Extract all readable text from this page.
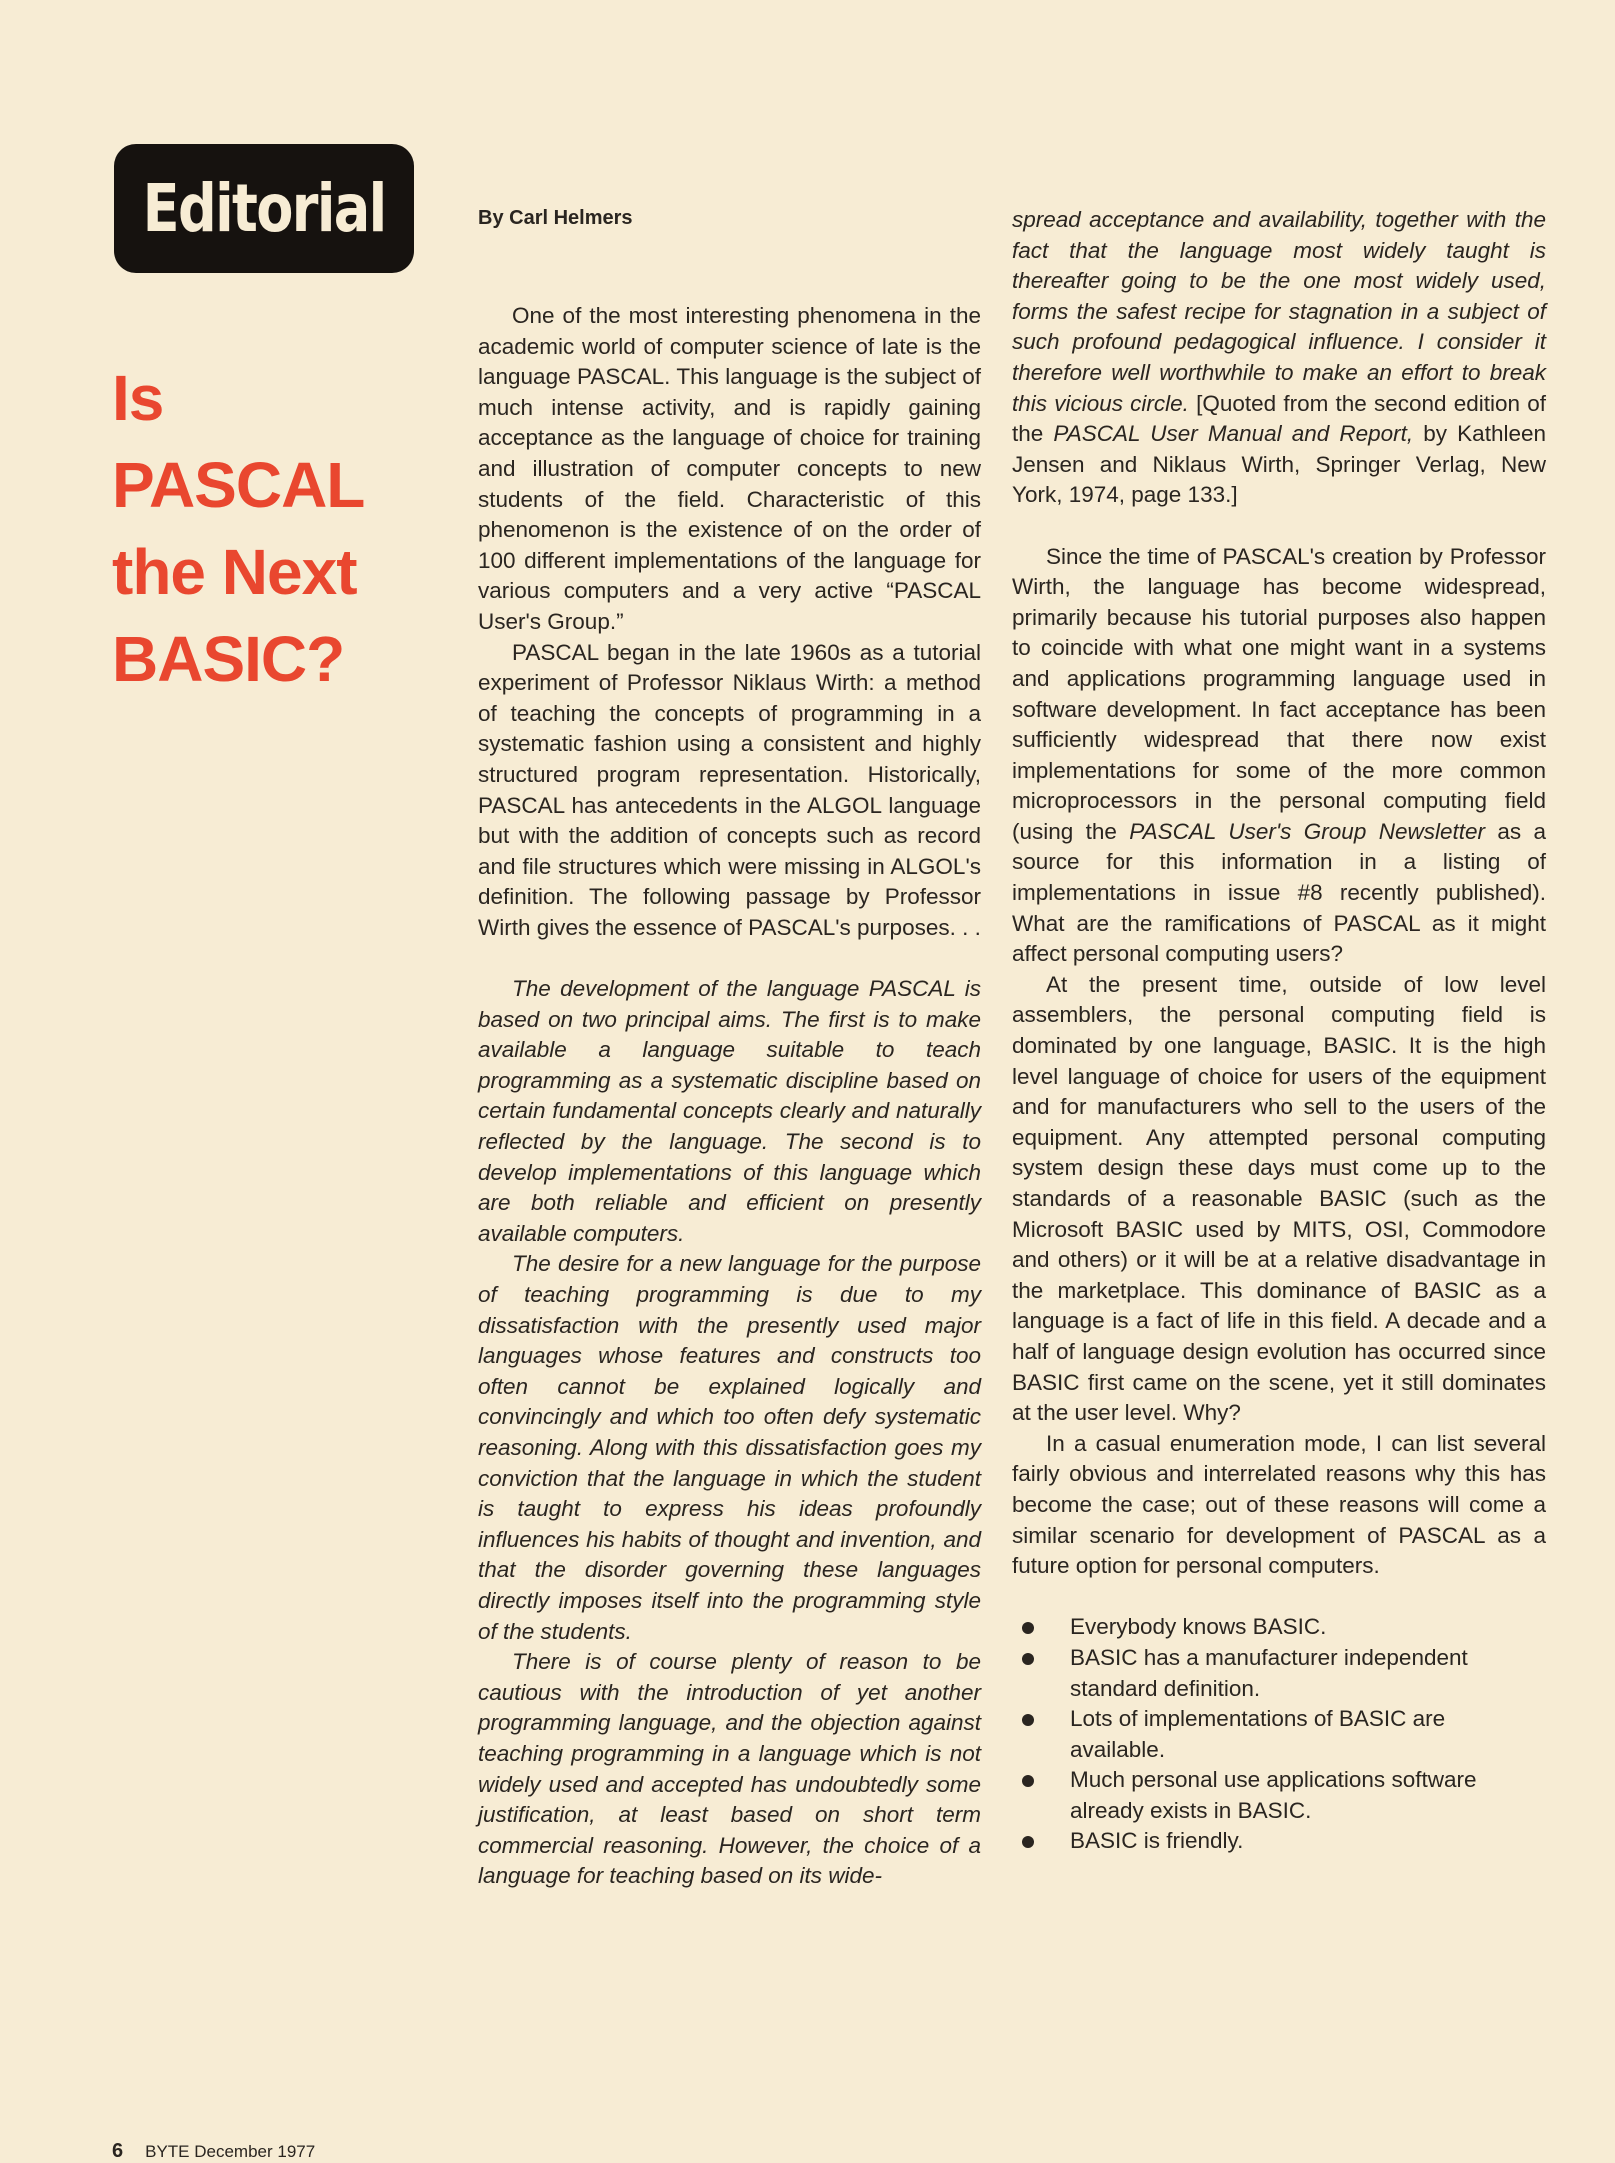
Editorial
Is PASCAL
the Next
BASIC?
By Carl Helmers

One of the most interesting phenomena in the academic world of computer science of late is the language PASCAL. This language is the subject of much intense activity, and is rapidly gaining acceptance as the language of choice for training and illustration of computer concepts to new students of the field. Characteristic of this phenomenon is the existence of on the order of 100 different implementations of the language for various computers and a very active “PASCAL User's Group.”

PASCAL began in the late 1960s as a tutorial experiment of Professor Niklaus Wirth: a method of teaching the concepts of programming in a systematic fashion using a consistent and highly structured program representation. Historically, PASCAL has antecedents in the ALGOL language but with the addition of concepts such as record and file structures which were missing in ALGOL's definition. The following passage by Professor Wirth gives the essence of PASCAL's purposes. . .

The development of the language PASCAL is based on two principal aims. The first is to make available a language suitable to teach programming as a systematic discipline based on certain fundamental concepts clearly and naturally reflected by the language. The second is to develop implementations of this language which are both reliable and efficient on presently available computers.

The desire for a new language for the purpose of teaching programming is due to my dissatisfaction with the presently used major languages whose features and constructs too often cannot be explained logically and convincingly and which too often defy systematic reasoning. Along with this dissatisfaction goes my conviction that the language in which the student is taught to express his ideas profoundly influences his habits of thought and invention, and that the disorder governing these languages directly imposes itself into the programming style of the students.

There is of course plenty of reason to be cautious with the introduction of yet another programming language, and the objection against teaching programming in a language which is not widely used and accepted has undoubtedly some justification, at least based on short term commercial reasoning. However, the choice of a language for teaching based on its wide-

spread acceptance and availability, together with the fact that the language most widely taught is thereafter going to be the one most widely used, forms the safest recipe for stagnation in a subject of such profound pedagogical influence. I consider it therefore well worthwhile to make an effort to break this vicious circle. [Quoted from the second edition of the PASCAL User Manual and Report, by Kathleen Jensen and Niklaus Wirth, Springer Verlag, New York, 1974, page 133.]

Since the time of PASCAL's creation by Professor Wirth, the language has become widespread, primarily because his tutorial purposes also happen to coincide with what one might want in a systems and applications programming language used in software development. In fact acceptance has been sufficiently widespread that there now exist implementations for some of the more common microprocessors in the personal computing field (using the PASCAL User's Group Newsletter as a source for this information in a listing of implementations in issue #8 recently published). What are the ramifications of PASCAL as it might affect personal computing users?

At the present time, outside of low level assemblers, the personal computing field is dominated by one language, BASIC. It is the high level language of choice for users of the equipment and for manufacturers who sell to the users of the equipment. Any attempted personal computing system design these days must come up to the standards of a reasonable BASIC (such as the Microsoft BASIC used by MITS, OSI, Commodore and others) or it will be at a relative disadvantage in the marketplace. This dominance of BASIC as a language is a fact of life in this field. A decade and a half of language design evolution has occurred since BASIC first came on the scene, yet it still dominates at the user level. Why?

In a casual enumeration mode, I can list several fairly obvious and interrelated reasons why this has become the case; out of these reasons will come a similar scenario for development of PASCAL as a future option for personal computers.

Everybody knows BASIC.
BASIC has a manufacturer independent standard definition.
Lots of implementations of BASIC are available.
Much personal use applications software already exists in BASIC.
BASIC is friendly.
6 BYTE December 1977
